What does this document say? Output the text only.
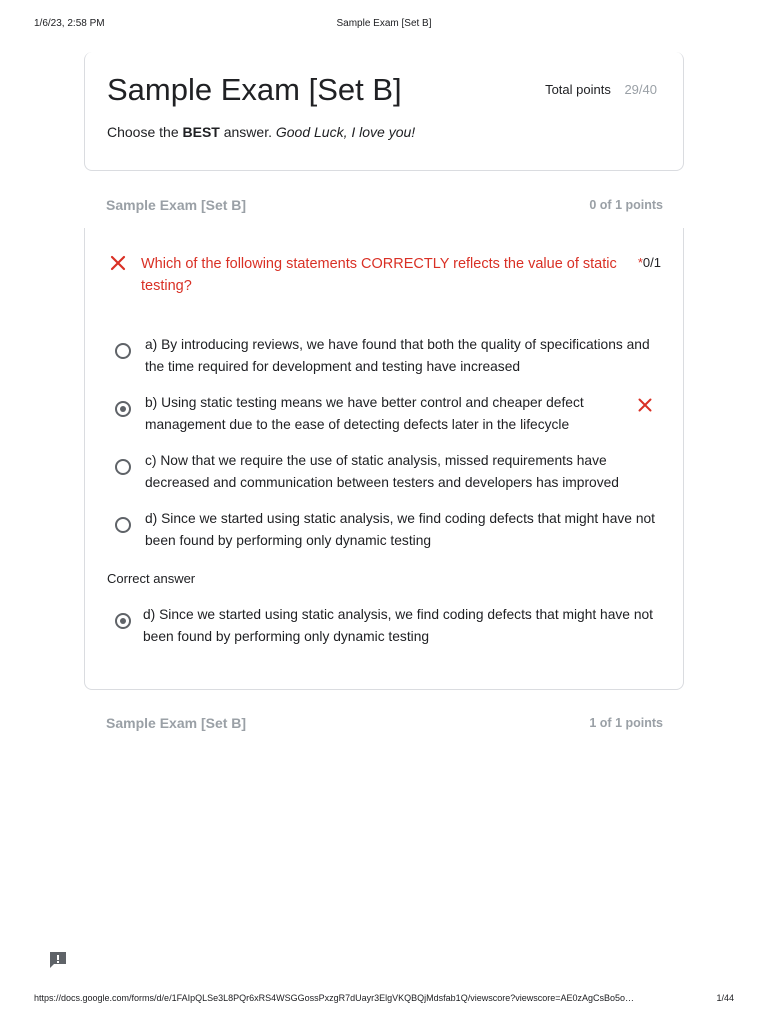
1/6/23, 2:58 PM	Sample Exam [Set B]
Sample Exam [Set B]	Total points 29/40
Choose the BEST answer. Good Luck, I love you!
Sample Exam [Set B]	0 of 1 points
Which of the following statements CORRECTLY reflects the value of static testing?
*0/1
a) By introducing reviews, we have found that both the quality of specifications and the time required for development and testing have increased
b) Using static testing means we have better control and cheaper defect management due to the ease of detecting defects later in the lifecycle
c) Now that we require the use of static analysis, missed requirements have decreased and communication between testers and developers has improved
d) Since we started using static analysis, we find coding defects that might have not been found by performing only dynamic testing
Correct answer
d) Since we started using static analysis, we find coding defects that might have not been found by performing only dynamic testing
Sample Exam [Set B]	1 of 1 points
https://docs.google.com/forms/d/e/1FAIpQLSe3L8PQr6xRS4WSGGossPxzgR7dUayr3ElgVKQBQjMdsfab1Q/viewscore?viewscore=AE0zAgCsBo5o…	1/44
